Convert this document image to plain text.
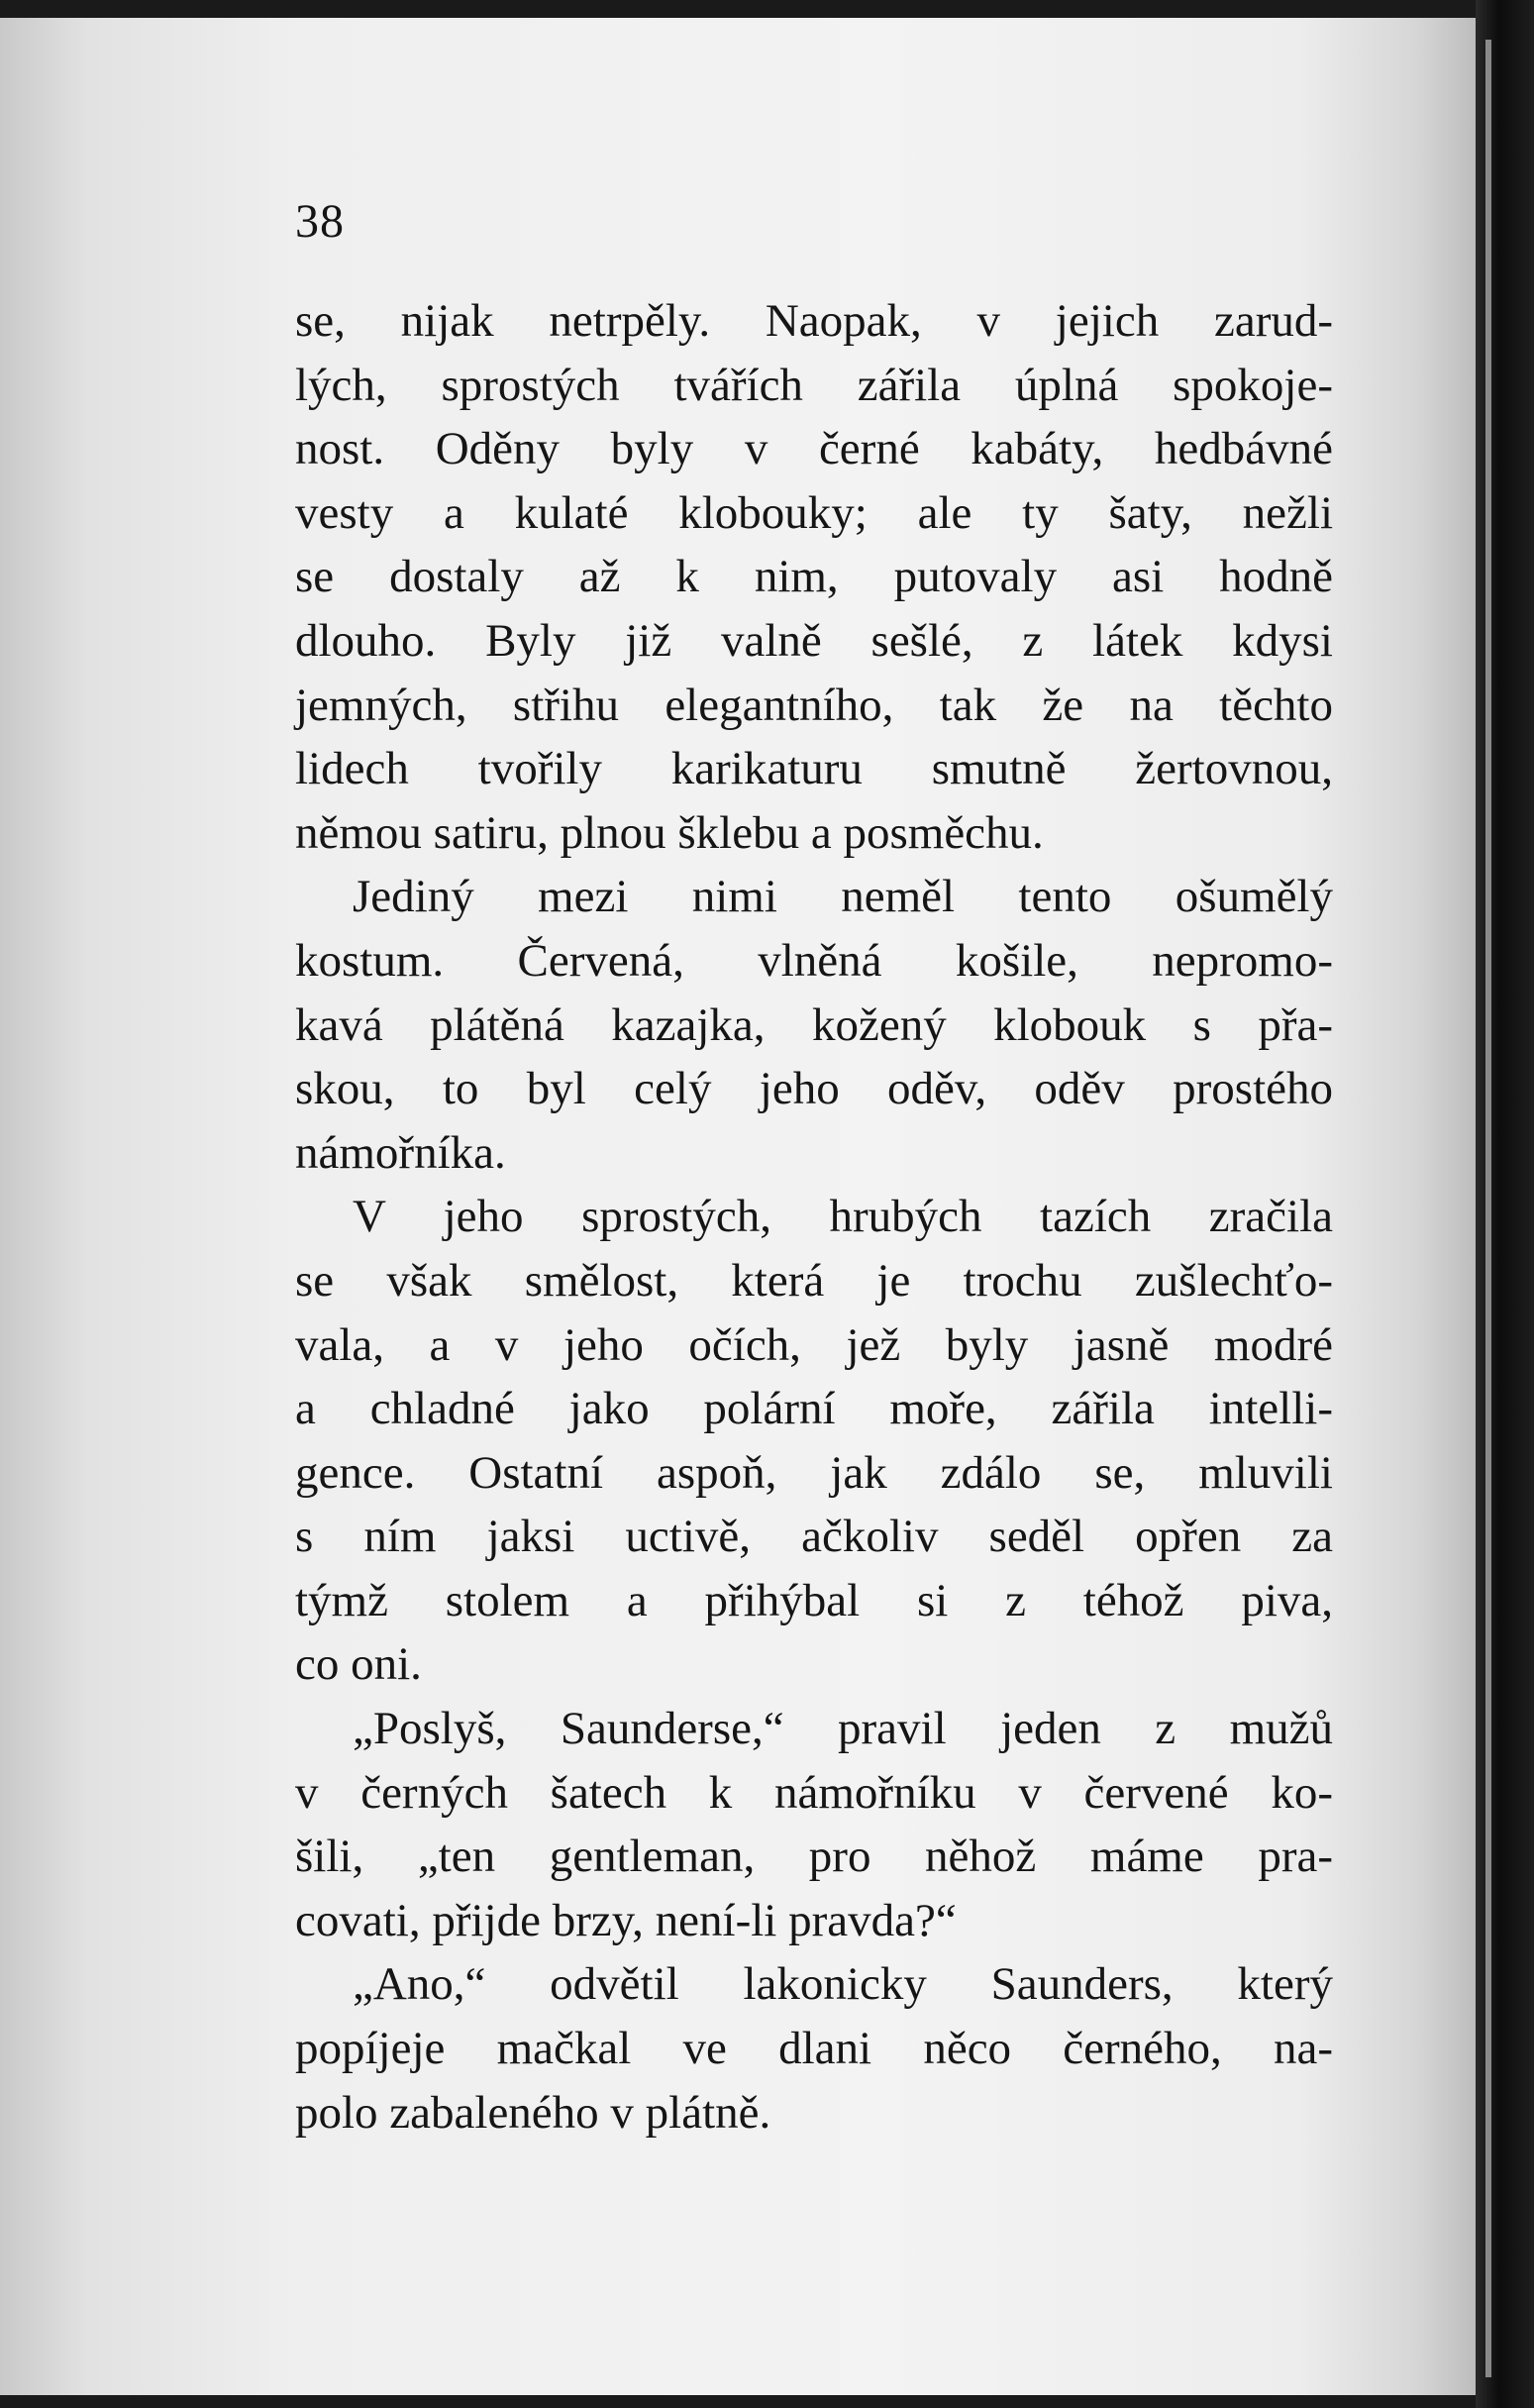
38
se, nijak netrpěly. Naopak, v jejich zarud-
lých, sprostých tvářích zářila úplná spokoje-
nost. Oděny byly v černé kabáty, hedbávné
vesty a kulaté klobouky; ale ty šaty, nežli
se dostaly až k nim, putovaly asi hodně
dlouho. Byly již valně sešlé, z látek kdysi
jemných, střihu elegantního, tak že na těchto
lidech tvořily karikaturu smutně žertovnou,
němou satiru, plnou šklebu a posměchu.
Jediný mezi nimi neměl tento ošumělý
kostum. Červená, vlněná košile, nepromo-
kavá plátěná kazajka, kožený klobouk s přa-
skou, to byl celý jeho oděv, oděv prostého
námořníka.
V jeho sprostých, hrubých tazích zračila
se však smělost, která je trochu zušlechťo-
vala, a v jeho očích, jež byly jasně modré
a chladné jako polární moře, zářila intelli-
gence. Ostatní aspoň, jak zdálo se, mluvili
s ním jaksi uctivě, ačkoliv seděl opřen za
týmž stolem a přihýbal si z téhož piva,
co oni.
„Poslyš, Saunderse,“ pravil jeden z mužů
v černých šatech k námořníku v červené ko-
šili, „ten gentleman, pro něhož máme pra-
covati, přijde brzy, není-li pravda?“
„Ano,“ odvětil lakonicky Saunders, který
popíjeje mačkal ve dlani něco černého, na-
polo zabaleného v plátně.
